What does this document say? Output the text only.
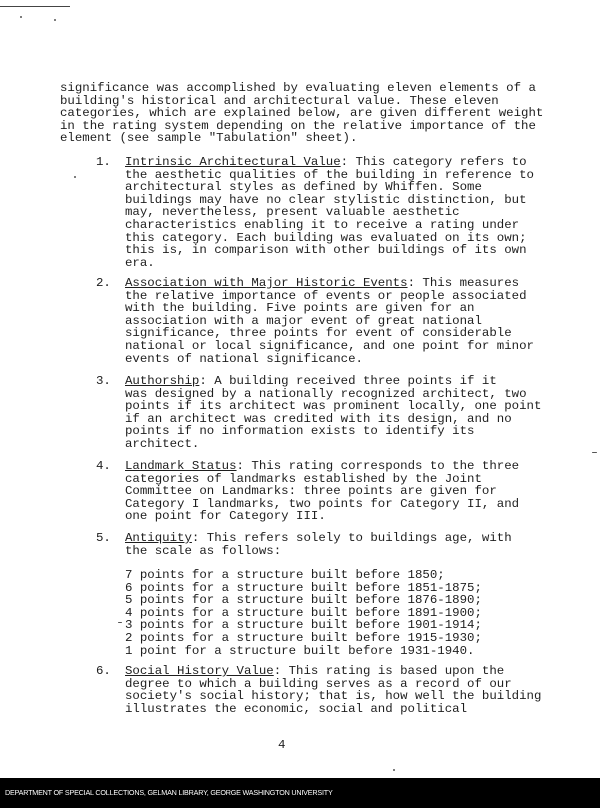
significance was accomplished by evaluating eleven elements of a
building's historical and architectural value. These eleven
categories, which are explained below, are given different weight
in the rating system depending on the relative importance of the
element (see sample "Tabulation" sheet).
1. Intrinsic Architectural Value: This category refers to
the aesthetic qualities of the building in reference to
architectural styles as defined by Whiffen. Some
buildings may have no clear stylistic distinction, but
may, nevertheless, present valuable aesthetic
characteristics enabling it to receive a rating under
this category. Each building was evaluated on its own;
this is, in comparison with other buildings of its own
era.
2. Association with Major Historic Events: This measures
the relative importance of events or people associated
with the building. Five points are given for an
association with a major event of great national
significance, three points for event of considerable
national or local significance, and one point for minor
events of national significance.
3. Authorship: A building received three points if it
was designed by a nationally recognized architect, two
points if its architect was prominent locally, one point
if an architect was credited with its design, and no
points if no information exists to identify its
architect.
4. Landmark Status: This rating corresponds to the three
categories of landmarks established by the Joint
Committee on Landmarks: three points are given for
Category I landmarks, two points for Category II, and
one point for Category III.
5. Antiquity: This refers solely to buildings age, with
the scale as follows:
7 points for a structure built before 1850;
6 points for a structure built before 1851-1875;
5 points for a structure built before 1876-1890;
4 points for a structure built before 1891-1900;
3 points for a structure built before 1901-1914;
2 points for a structure built before 1915-1930;
1 point for a structure built before 1931-1940.
6. Social History Value: This rating is based upon the
degree to which a building serves as a record of our
society's social history; that is, how well the building
illustrates the economic, social and political
4
DEPARTMENT OF SPECIAL COLLECTIONS, GELMAN LIBRARY, GEORGE WASHINGTON UNIVERSITY
